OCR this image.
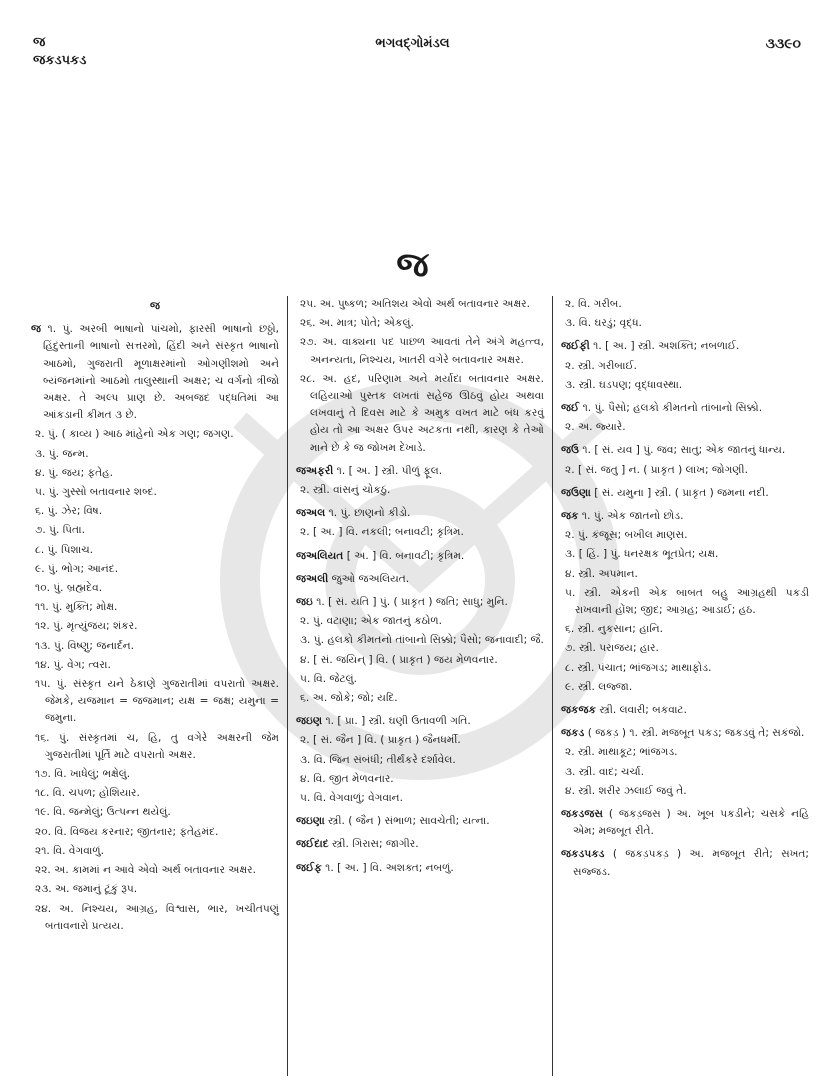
જ
જકડપકડ
ભગવદ્ગોમંડલ	૩૩૯૦
જ
જ
જ ૧. પું. અરબી ભાષાનો પાંચમો, ફારસી ભાષાનો છઠ્ઠો, હિંદુસ્તાની ભાષાનો સત્તરમો, હિંદી અને સંસ્કૃત ભાષાનો આઠમો, ગુજરાતી મૂળાક્ષરમાંનો ઓગણીશમો અને બ્યંજનમાંનો આઠમો તાલુસ્થાની અક્ષર; ચ વર્ગનો ત્રીજો અક્ષર. તે અલ્પ પ્રાણ છે. અબજદ પદ્ધતિમાં આ આંકડાની કીમત ૩ છે.
૨. પું. ( કાવ્ય ) આઠ માંહેનો એક ગણ; જગણ.
૩. પું. જન્મ.
૪. પું. જય; ફતેહ.
૫. પું. ગુસ્સો બતાવનાર શબ્દ.
૬. પું. ઝેર; વિષ.
૭. પું. પિતા.
૮. પું. પિશાચ.
૯. પું. ભોગ; આનંદ.
૧૦. પું. બ્રહ્મદેવ.
૧૧. પું. મુક્તિ; મોક્ષ.
૧૨. પું. મૃત્યુંજય; શંકર.
૧૩. પું. વિષ્ણુ; જનાર્દન.
૧૪. પું. વેગ; ત્વરા.
૧૫. પું. સંસ્કૃત યને ઠેકાણે ગુજરાતીમાં વપરાતો અક્ષર. જેમકે, યજમાન = જજમાન; યક્ષ = જક્ષ; યમુના = જમુના.
૧૬. પું. સંસ્કૃતમાં ચ, હિ, તુ વગેરે અક્ષરની જેમ ગુજરાતીમાં પૂર્તિ માટે વપરાતો અક્ષર.
૧૭. વિ. ખાધેલું; ભક્ષેલું.
૧૮. વિ. ચપળ; હોશિયાર.
૧૯. વિ. જન્મેલું; ઉત્પન્ન થયેલું.
૨૦. વિ. વિજય કરનાર; જીતનાર; ફતેહમંદ.
૨૧. વિ. વેગવાળું.
૨૨. અ. કામમાં ન આવે એવો અર્થ બતાવનાર અક્ષર.
૨૩. અ. જમાનું ટૂંકું રૂપ.
૨૪. અ. નિશ્ચય, આગ્રહ, વિશ્વાસ, ભાર, ખચીતપણું બતાવનારો પ્રત્યય.
૨૫. અ. પુષ્કળ; અતિશય એવો અર્થ બતાવનાર અક્ષર.
૨૬. અ. માત્ર; પોતે; એકલું.
૨૭. અ. વાક્યના પદ પાછળ આવતાં તેને અંગે મહત્ત્વ, અનન્યતા, નિશ્ચય, ખાતરી વગેરે બતાવનાર અક્ષર.
૨૮. અ. હદ, પરિણામ અને મર્યાદા બતાવનાર અક્ષર. લહિયાઓ પુસ્તક લખતાં સહેજ ઊઠવું હોય અથવા લખવાનું તે દિવસ માટે કે અમુક વખત માટે બંધ કરવું હોય તો આ અક્ષર ઉપર અટકતા નથી, કારણ કે તેઓ માને છે કે જ જોખમ દેખાડે.
જઅફરી ૧. [ અ. ] સ્ત્રી. પીળું ફૂલ.
૨. સ્ત્રી. વાંસનું ચોકઠું.
જઅલ ૧. પું. છાણનો કીડો.
૨. [ અ. ] વિ. નકલી; બનાવટી; કૃત્રિમ.
જઅલિયત [ અ. ] વિ. બનાવટી; કૃત્રિમ.
જઅલી જુઓ જઅલિયત.
જઇ ૧. [ સં. યતિ ] પું. ( પ્રાકૃત ) જતિ; સાધુ; મુનિ.
૨. પું. વટાણા; એક જાતનું કઠોળ.
૩. પું. હલકો કીમતનો તાંબાનો સિક્કો; પૈસો; જનાવાદી; જૈ.
૪. [ સં. જયિન્ ] વિ. ( પ્રાકૃત ) જય મેળવનાર.
૫. વિ. જેટલું.
૬. અ. જોકે; જો; યદિ.
જઇણ ૧. [ પ્રા. ] સ્ત્રી. ઘણી ઉતાવળી ગતિ.
૨. [ સં. જૈન ] વિ. ( પ્રાકૃત ) જૈનધર્મી.
૩. વિ. જિન સંબંધી; તીર્થંકરે દર્શાવેલ.
૪. વિ. જીત મેળવનાર.
૫. વિ. વેગવાળું; વેગવાન.
જઇણા સ્ત્રી. ( જૈન ) સંભાળ; સાવચેતી; યત્ના.
જઈદાદ સ્ત્રી. ગિરાસ; જાગીર.
જઈફ ૧. [ અ. ] વિ. અશક્ત; નબળું.
૨. વિ. ગરીબ.
૩. વિ. ઘરડું; વૃદ્ધ.
જઈફી ૧. [ અ. ] સ્ત્રી. અશક્તિ; નબળાઈ.
૨. સ્ત્રી. ગરીબાઈ.
૩. સ્ત્રી. ઘડપણ; વૃદ્ધાવસ્થા.
જઈ ૧. પું. પૈસો; હલકો કીમતનો તાંબાનો સિક્કો.
૨. અ. જ્યારે.
જઉ ૧. [ સં. યવ ] પું. જવ; સાતુ; એક જાતનું ધાન્ય.
૨. [ સં. જતુ ] ન. ( પ્રાકૃત ) લાખ; જોગણી.
જઉણા [ સં. યમુના ] સ્ત્રી. ( પ્રાકૃત ) જમના નદી.
જક ૧. પું. એક જાતનો છોડ.
૨. પું. કંજૂસ; બખીલ માણસ.
૩. [ હિં. ] પું. ધનરક્ષક ભૂતપ્રેત; યક્ષ.
૪. સ્ત્રી. અપમાન.
૫. સ્ત્રી. એકની એક બાબત બહુ આગ્રહથી પકડી રાખવાની હોંશ; જીદ; આગ્રહ; આડાઈ; હઠ.
૬. સ્ત્રી. નુકસાન; હાનિ.
૭. સ્ત્રી. પરાજય; હાર.
૮. સ્ત્રી. પંચાત; ભાંજગડ; માથાફોડ.
૯. સ્ત્રી. લજ્જા.
જકજક સ્ત્રી. લવારી; બકવાટ.
જકડ ( જકડ઼ ) ૧. સ્ત્રી. મજબૂત પકડ; જકડવું તે; સકંજો.
૨. સ્ત્રી. માથાકૂટ; ભાંજગડ.
૩. સ્ત્રી. વાદ; ચર્ચા.
૪. સ્ત્રી. શરીર ઝલાઈ જવું તે.
જકડજસ ( જકડ઼જસ ) અ. ખૂબ પકડીને; ચસકે નહિ એમ; મજબૂત રીતે.
જકડપકડ ( જકડ઼પકડ઼ ) અ. મજબૂત રીતે; સખત; સજ્જડ.
